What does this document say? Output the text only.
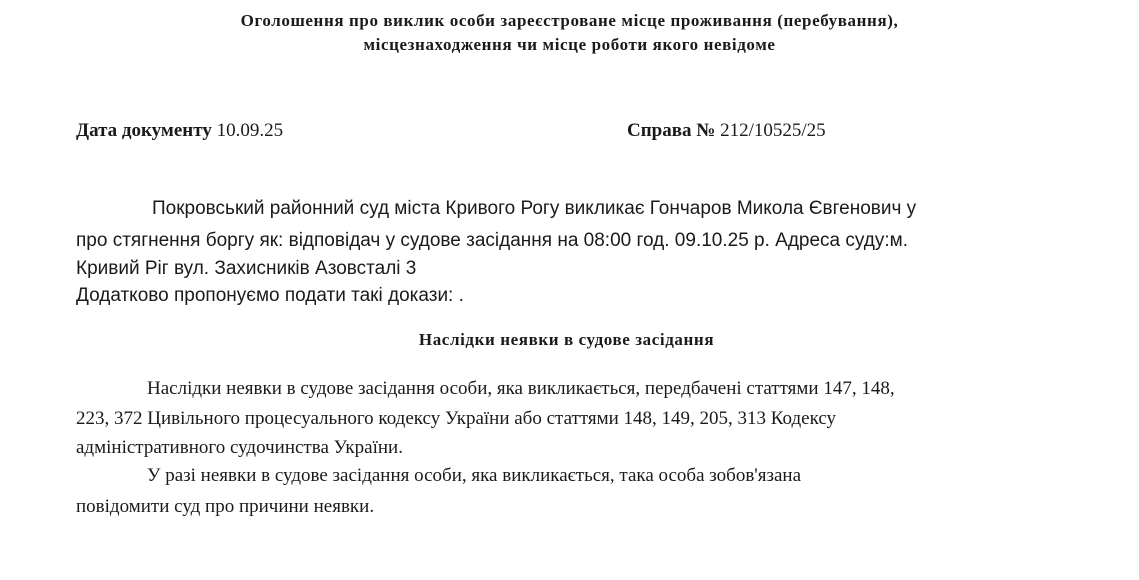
Оголошення про виклик особи зареєстроване місце проживання (перебування),
місцезнаходження чи місце роботи якого невідоме
Дата документу 10.09.25	Справа № 212/10525/25
Покровський районний суд міста Кривого Рогу викликає Гончаров Микола Євгенович у
про стягнення боргу як: відповідач у судове засідання на 08:00 год. 09.10.25 р. Адреса суду:м.
Кривий Ріг вул. Захисників Азовсталі 3
Додатково пропонуємо подати такі докази: .
Наслідки неявки в судове засідання
Наслідки неявки в судове засідання особи, яка викликається, передбачені статтями 147, 148,
223, 372 Цивільного процесуального кодексу України або статтями 148, 149, 205, 313 Кодексу
адміністративного судочинства України.
У разі неявки в судове засідання особи, яка викликається, така особа зобов'язана
повідомити суд про причини неявки.
